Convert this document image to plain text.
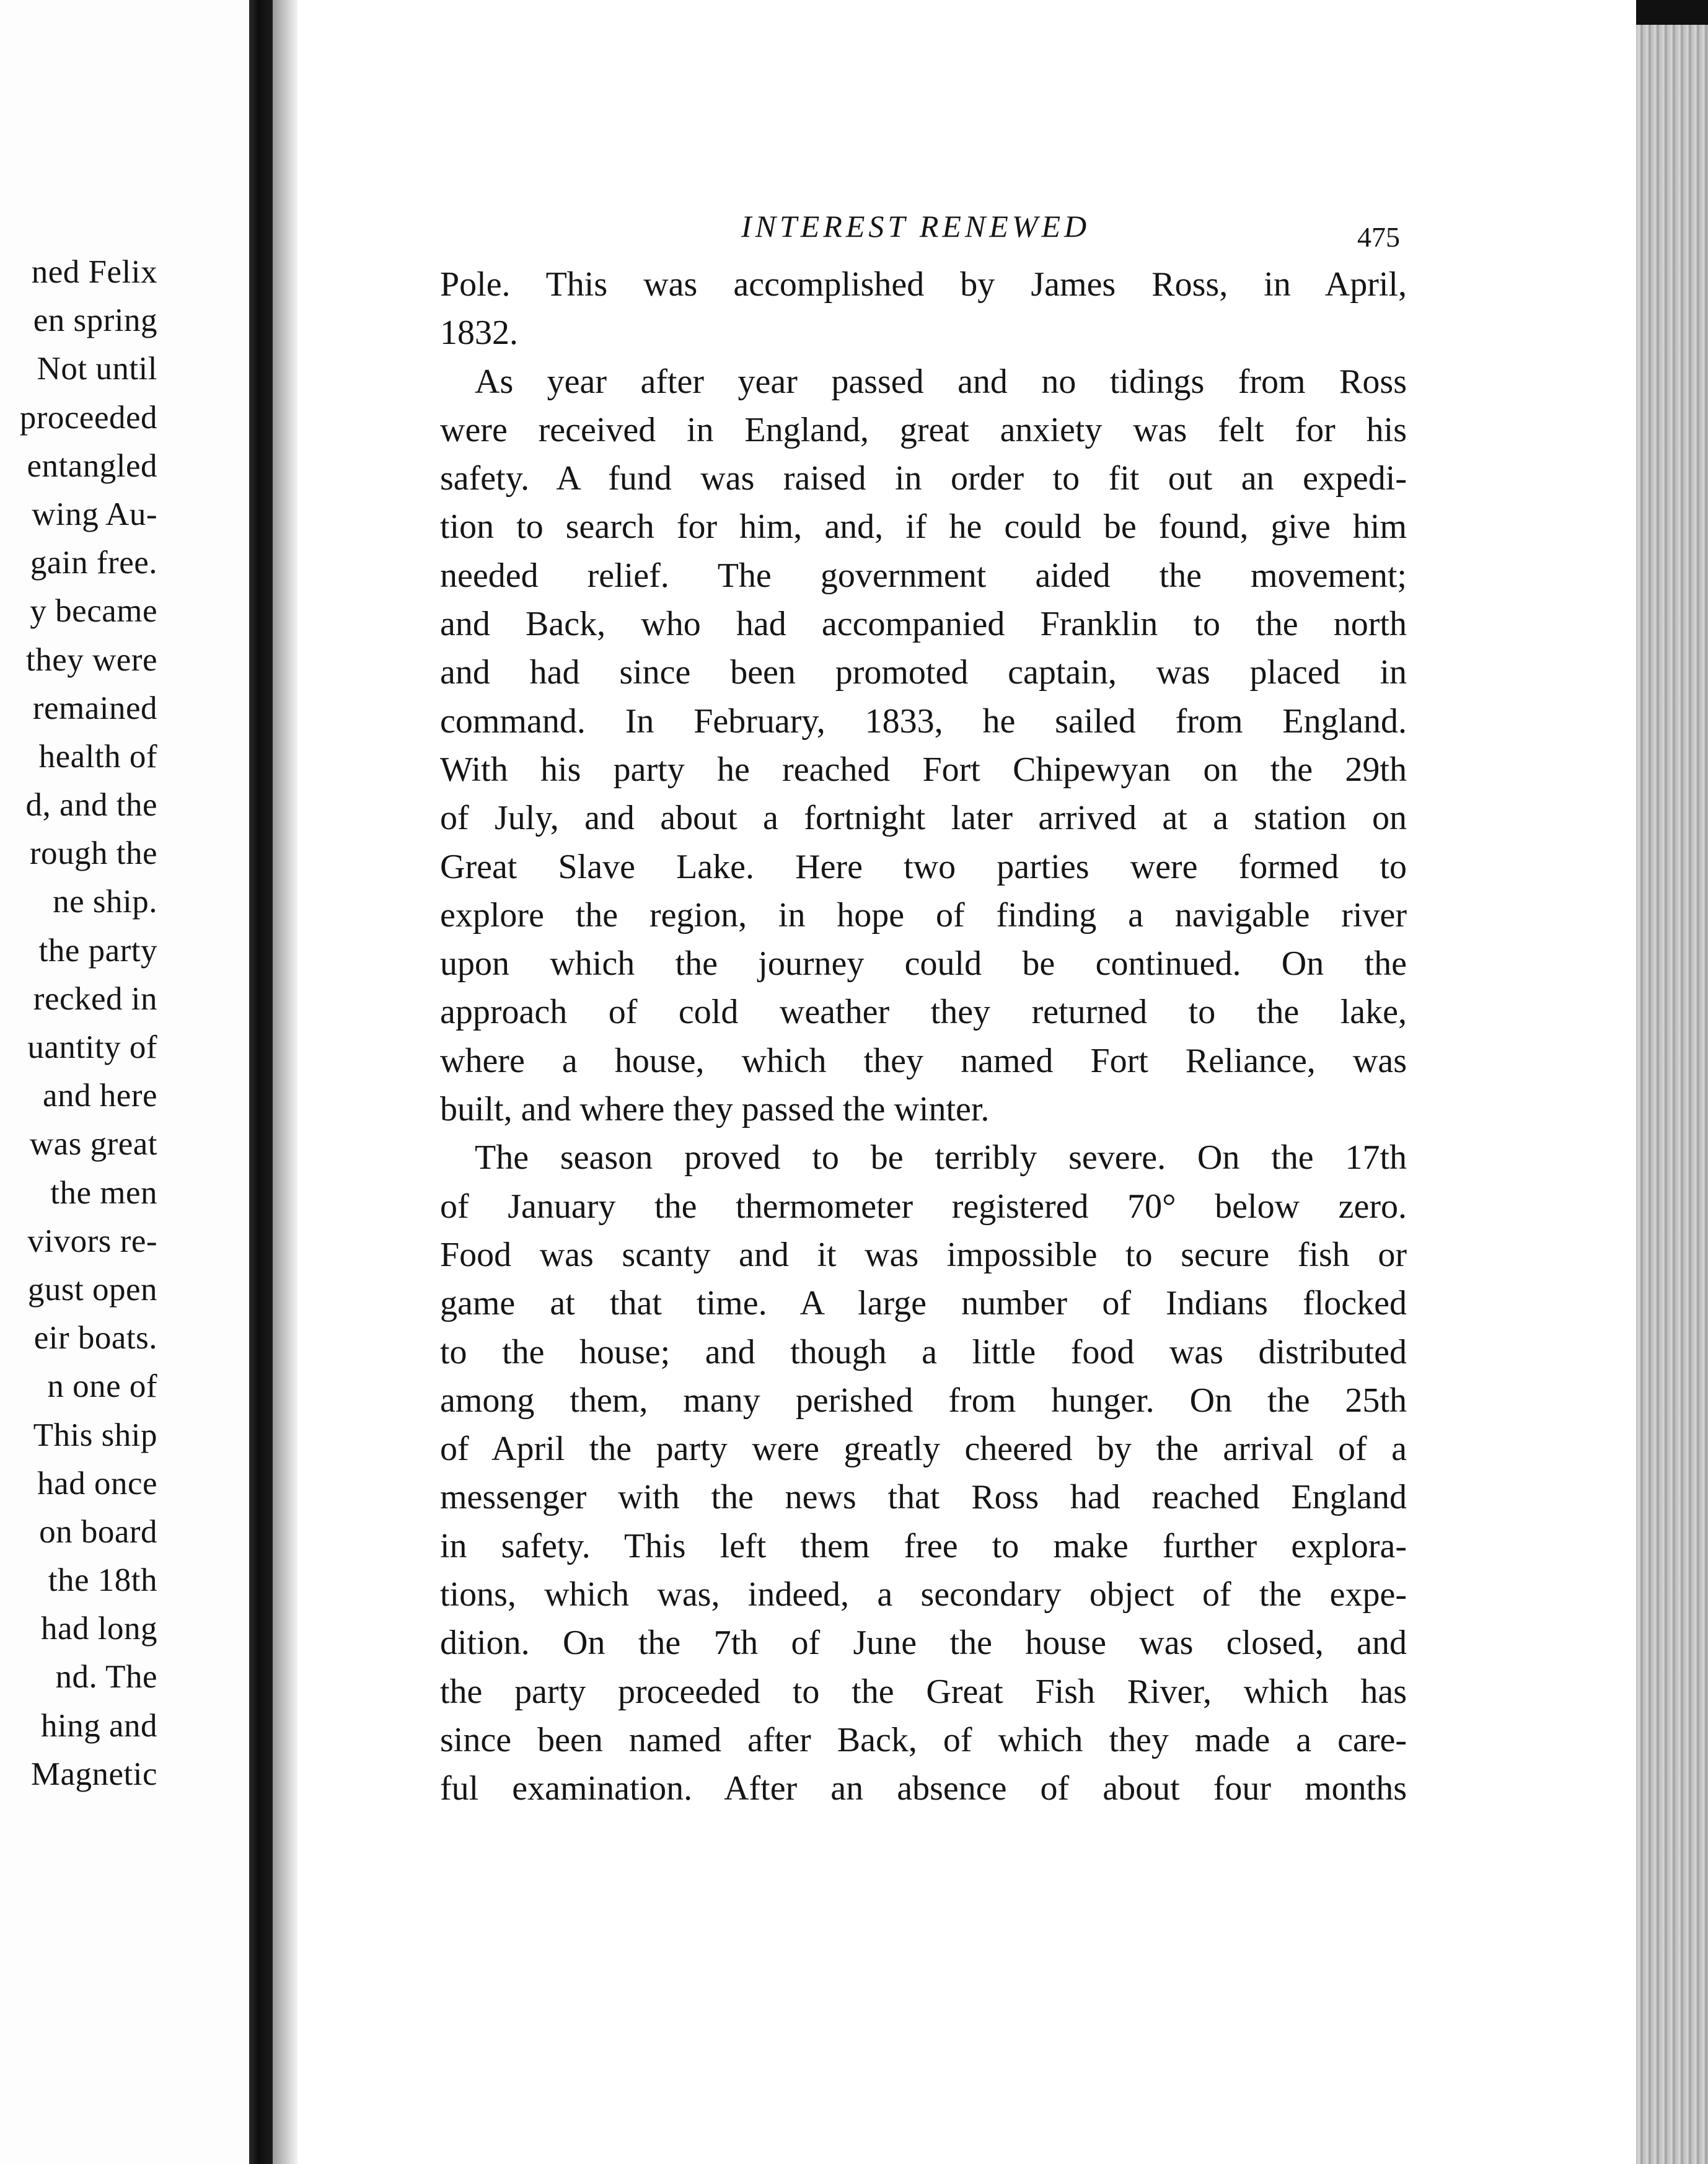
ned Felix
en spring
Not until
proceeded
entangled
wing Au-
gain free.
y became
they were
remained
health of
d, and the
rough the
ne ship.
the party
recked in
uantity of
and here
was great
the men
vivors re-
gust open
eir boats.
n one of
This ship
had once
on board
the 18th
had long
nd. The
hing and
Magnetic
INTEREST RENEWED	475
Pole. This was accomplished by James Ross, in April,
1832.
As year after year passed and no tidings from Ross
were received in England, great anxiety was felt for his
safety. A fund was raised in order to fit out an expedi-
tion to search for him, and, if he could be found, give him
needed relief. The government aided the movement;
and Back, who had accompanied Franklin to the north
and had since been promoted captain, was placed in
command. In February, 1833, he sailed from England.
With his party he reached Fort Chipewyan on the 29th
of July, and about a fortnight later arrived at a station on
Great Slave Lake. Here two parties were formed to
explore the region, in hope of finding a navigable river
upon which the journey could be continued. On the
approach of cold weather they returned to the lake,
where a house, which they named Fort Reliance, was
built, and where they passed the winter.
The season proved to be terribly severe. On the 17th
of January the thermometer registered 70° below zero.
Food was scanty and it was impossible to secure fish or
game at that time. A large number of Indians flocked
to the house; and though a little food was distributed
among them, many perished from hunger. On the 25th
of April the party were greatly cheered by the arrival of a
messenger with the news that Ross had reached England
in safety. This left them free to make further explora-
tions, which was, indeed, a secondary object of the expe-
dition. On the 7th of June the house was closed, and
the party proceeded to the Great Fish River, which has
since been named after Back, of which they made a care-
ful examination. After an absence of about four months
